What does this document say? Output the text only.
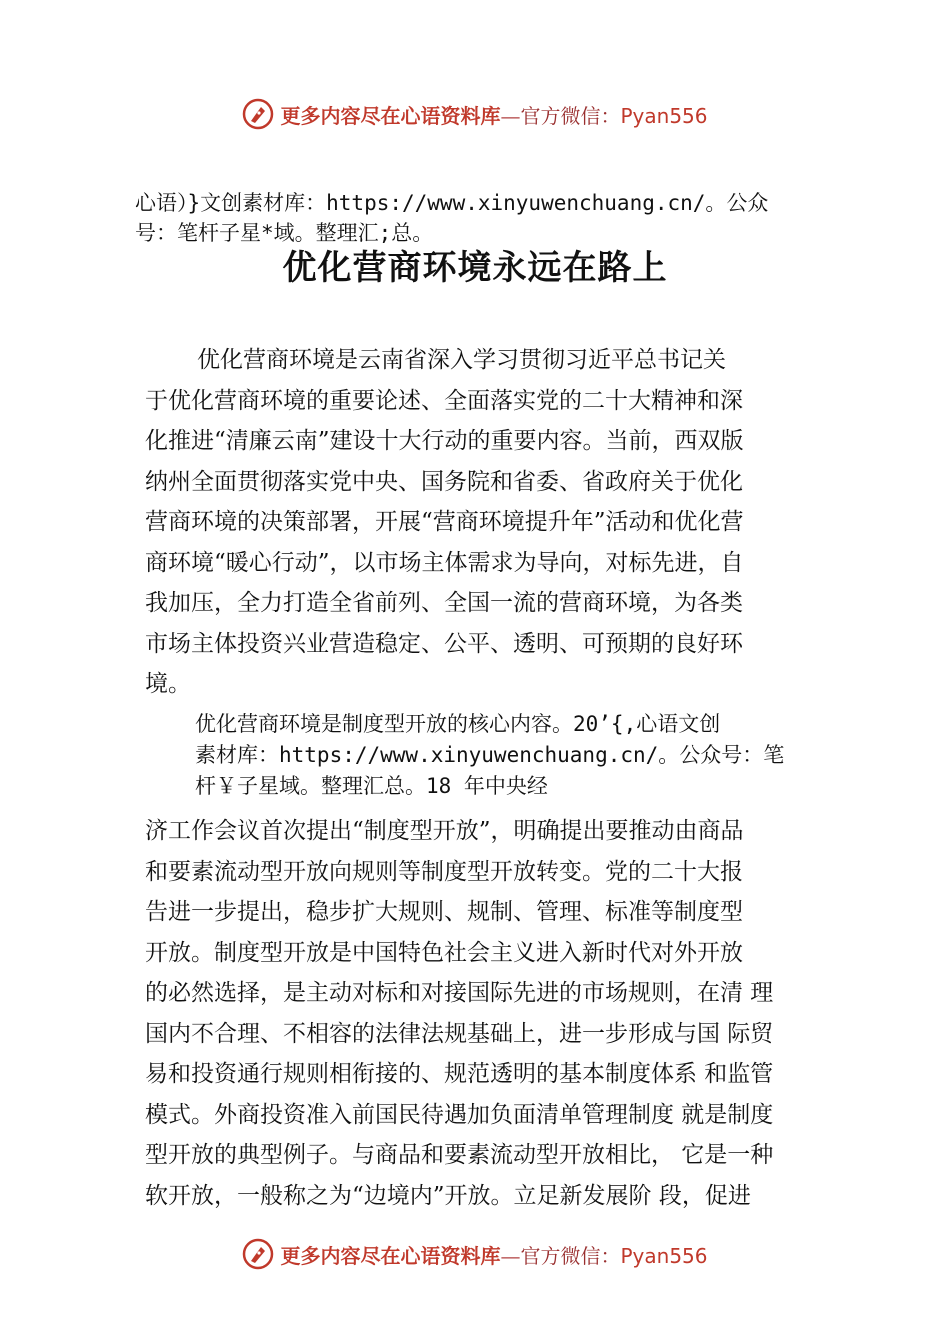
更多内容尽在心语资料库—官方微信：Pyan556
心语）}文创素材库：https://www.xinyuwenchuang.cn/。公众
号：笔杆子星*域。整理汇;总。
优化营商环境永远在路上
优化营商环境是云南省深入学习贯彻习近平总书记关
于优化营商环境的重要论述、全面落实党的二十大精神和深
化推进“清廉云南”建设十大行动的重要内容。当前，西双版
纳州全面贯彻落实党中央、国务院和省委、省政府关于优化
营商环境的决策部署，开展“营商环境提升年”活动和优化营
商环境“暖心行动”，以市场主体需求为导向，对标先进，自
我加压，全力打造全省前列、全国一流的营商环境，为各类
市场主体投资兴业营造稳定、公平、透明、可预期的良好环
境。
优化营商环境是制度型开放的核心内容。20’{,心语文创
素材库：https://www.xinyuwenchuang.cn/。公众号：笔
杆￥子星域。整理汇总。18 年中央经
济工作会议首次提出“制度型开放”，明确提出要推动由商品
和要素流动型开放向规则等制度型开放转变。党的二十大报
告进一步提出，稳步扩大规则、规制、管理、标准等制度型
开放。制度型开放是中国特色社会主义进入新时代对外开放
的必然选择，是主动对标和对接国际先进的市场规则，在清 理
国内不合理、不相容的法律法规基础上，进一步形成与国 际贸
易和投资通行规则相衔接的、规范透明的基本制度体系 和监管
模式。外商投资准入前国民待遇加负面清单管理制度 就是制度
型开放的典型例子。与商品和要素流动型开放相比， 它是一种
软开放，一般称之为“边境内”开放。立足新发展阶 段，促进
更多内容尽在心语资料库—官方微信：Pyan556
